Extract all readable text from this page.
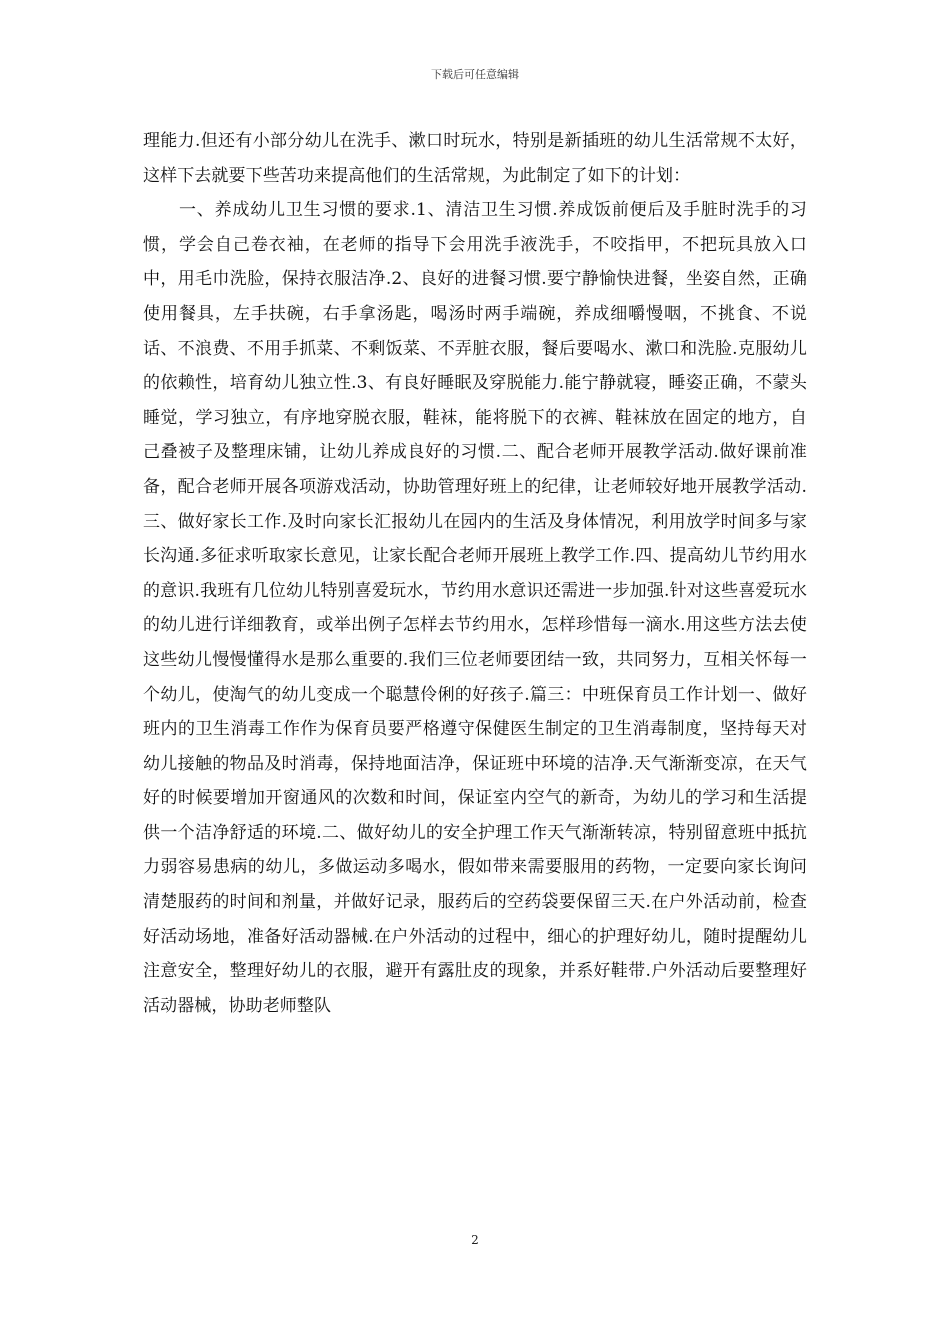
下载后可任意编辑

理能力.但还有小部分幼儿在洗手、漱口时玩水，特别是新插班的幼儿生活常规不太好，这样下去就要下些苦功来提高他们的生活常规，为此制定了如下的计划：

一、养成幼儿卫生习惯的要求.1、清洁卫生习惯.养成饭前便后及手脏时洗手的习惯，学会自己卷衣袖，在老师的指导下会用洗手液洗手，不咬指甲，不把玩具放入口中，用毛巾洗脸，保持衣服洁净.2、良好的进餐习惯.要宁静愉快进餐，坐姿自然，正确使用餐具，左手扶碗，右手拿汤匙，喝汤时两手端碗，养成细嚼慢咽，不挑食、不说话、不浪费、不用手抓菜、不剩饭菜、不弄脏衣服，餐后要喝水、漱口和洗脸.克服幼儿的依赖性，培育幼儿独立性.3、有良好睡眠及穿脱能力.能宁静就寝，睡姿正确，不蒙头睡觉，学习独立，有序地穿脱衣服，鞋袜，能将脱下的衣裤、鞋袜放在固定的地方，自己叠被子及整理床铺，让幼儿养成良好的习惯.二、配合老师开展教学活动.做好课前准备，配合老师开展各项游戏活动，协助管理好班上的纪律，让老师较好地开展教学活动.三、做好家长工作.及时向家长汇报幼儿在园内的生活及身体情况，利用放学时间多与家长沟通.多征求听取家长意见，让家长配合老师开展班上教学工作.四、提高幼儿节约用水的意识.我班有几位幼儿特别喜爱玩水，节约用水意识还需进一步加强.针对这些喜爱玩水的幼儿进行详细教育，或举出例子怎样去节约用水，怎样珍惜每一滴水.用这些方法去使这些幼儿慢慢懂得水是那么重要的.我们三位老师要团结一致，共同努力，互相关怀每一个幼儿，使淘气的幼儿变成一个聪慧伶俐的好孩子.篇三：中班保育员工作计划一、做好班内的卫生消毒工作作为保育员要严格遵守保健医生制定的卫生消毒制度，坚持每天对幼儿接触的物品及时消毒，保持地面洁净，保证班中环境的洁净.天气渐渐变凉，在天气好的时候要增加开窗通风的次数和时间，保证室内空气的新奇，为幼儿的学习和生活提供一个洁净舒适的环境.二、做好幼儿的安全护理工作天气渐渐转凉，特别留意班中抵抗力弱容易患病的幼儿，多做运动多喝水，假如带来需要服用的药物，一定要向家长询问清楚服药的时间和剂量，并做好记录，服药后的空药袋要保留三天.在户外活动前，检查好活动场地，准备好活动器械.在户外活动的过程中，细心的护理好幼儿，随时提醒幼儿注意安全，整理好幼儿的衣服，避开有露肚皮的现象，并系好鞋带.户外活动后要整理好活动器械，协助老师整队

2
